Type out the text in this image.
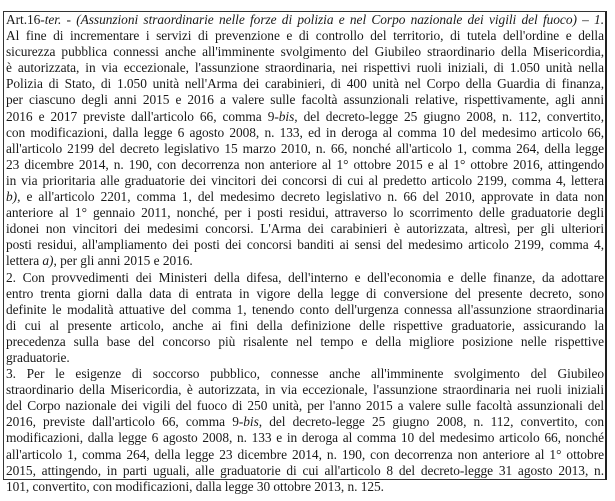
Art.16-ter. - (Assunzioni straordinarie nelle forze di polizia e nel Corpo nazionale dei vigili del fuoco) – 1.
Al fine di incrementare i servizi di prevenzione e di controllo del territorio, di tutela dell'ordine e della
sicurezza pubblica connessi anche all'imminente svolgimento del Giubileo straordinario della Misericordia,
è autorizzata, in via eccezionale, l'assunzione straordinaria, nei rispettivi ruoli iniziali, di 1.050 unità nella
Polizia di Stato, di 1.050 unità nell'Arma dei carabinieri, di 400 unità nel Corpo della Guardia di finanza,
per ciascuno degli anni 2015 e 2016 a valere sulle facoltà assunzionali relative, rispettivamente, agli anni
2016 e 2017 previste dall'articolo 66, comma 9-bis, del decreto-legge 25 giugno 2008, n. 112, convertito,
con modificazioni, dalla legge 6 agosto 2008, n. 133, ed in deroga al comma 10 del medesimo articolo 66,
all'articolo 2199 del decreto legislativo 15 marzo 2010, n. 66, nonché all'articolo 1, comma 264, della legge
23 dicembre 2014, n. 190, con decorrenza non anteriore al 1° ottobre 2015 e al 1° ottobre 2016, attingendo
in via prioritaria alle graduatorie dei vincitori dei concorsi di cui al predetto articolo 2199, comma 4, lettera
b), e all'articolo 2201, comma 1, del medesimo decreto legislativo n. 66 del 2010, approvate in data non
anteriore al 1° gennaio 2011, nonché, per i posti residui, attraverso lo scorrimento delle graduatorie degli
idonei non vincitori dei medesimi concorsi. L'Arma dei carabinieri è autorizzata, altresì, per gli ulteriori
posti residui, all'ampliamento dei posti dei concorsi banditi ai sensi del medesimo articolo 2199, comma 4,
lettera a), per gli anni 2015 e 2016.
2. Con provvedimenti dei Ministeri della difesa, dell'interno e dell'economia e delle finanze, da adottare
entro trenta giorni dalla data di entrata in vigore della legge di conversione del presente decreto, sono
definite le modalità attuative del comma 1, tenendo conto dell'urgenza connessa all'assunzione straordinaria
di cui al presente articolo, anche ai fini della definizione delle rispettive graduatorie, assicurando la
precedenza sulla base del concorso più risalente nel tempo e della migliore posizione nelle rispettive
graduatorie.
3. Per le esigenze di soccorso pubblico, connesse anche all'imminente svolgimento del Giubileo
straordinario della Misericordia, è autorizzata, in via eccezionale, l'assunzione straordinaria nei ruoli iniziali
del Corpo nazionale dei vigili del fuoco di 250 unità, per l'anno 2015 a valere sulle facoltà assunzionali del
2016, previste dall'articolo 66, comma 9-bis, del decreto-legge 25 giugno 2008, n. 112, convertito, con
modificazioni, dalla legge 6 agosto 2008, n. 133 e in deroga al comma 10 del medesimo articolo 66, nonché
all'articolo 1, comma 264, della legge 23 dicembre 2014, n. 190, con decorrenza non anteriore al 1° ottobre
2015, attingendo, in parti uguali, alle graduatorie di cui all'articolo 8 del decreto-legge 31 agosto 2013, n.
101, convertito, con modificazioni, dalla legge 30 ottobre 2013, n. 125.
